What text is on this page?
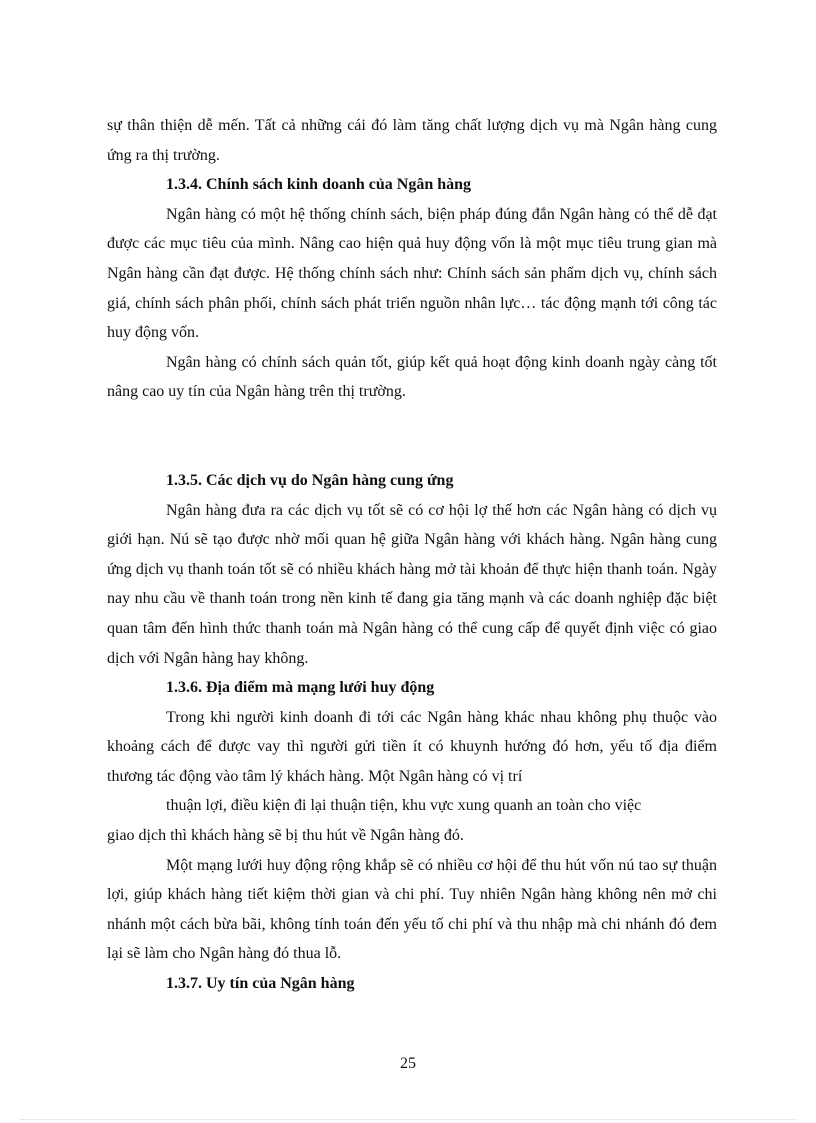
sự thân thiện dễ mến. Tất cả những cái đó làm tăng chất lượng dịch vụ mà Ngân hàng cung ứng ra thị trường.

1.3.4. Chính sách kinh doanh của Ngân hàng

Ngân hàng có một hệ thống chính sách, biện pháp đúng đắn Ngân hàng có thể dễ đạt được các mục tiêu của mình. Nâng cao hiện quả huy động vốn là một mục tiêu trung gian mà Ngân hàng cần đạt được. Hệ thống chính sách như: Chính sách sản phẩm dịch vụ, chính sách giá, chính sách phân phối, chính sách phát triển nguồn nhân lực… tác động mạnh tới công tác huy động vốn.

Ngân hàng có chính sách quản tốt, giúp kết quả hoạt động kinh doanh ngày càng tốt nâng cao uy tín của Ngân hàng trên thị trường.

1.3.5. Các dịch vụ do Ngân hàng cung ứng

Ngân hàng đưa ra các dịch vụ tốt sẽ có cơ hội lợ thế hơn các Ngân hàng có dịch vụ giới hạn. Nú sẽ tạo được nhờ mối quan hệ giữa Ngân hàng với khách hàng. Ngân hàng cung ứng dịch vụ thanh toán tốt sẽ có nhiều khách hàng mở tài khoản để thực hiện thanh toán. Ngày nay nhu cầu về thanh toán trong nền kinh tế đang gia tăng mạnh và các doanh nghiệp đặc biệt quan tâm đến hình thức thanh toán mà Ngân hàng có thể cung cấp để quyết định việc có giao dịch với Ngân hàng hay không.

1.3.6. Địa điểm mà mạng lưới huy động

Trong khi người kinh doanh đi tới các Ngân hàng khác nhau không phụ thuộc vào khoảng cách để được vay thì người gửi tiền ít có khuynh hướng đó hơn, yếu tố địa điểm thương tác động vào tâm lý khách hàng. Một Ngân hàng có vị trí

thuận lợi, điều kiện đi lại thuận tiện, khu vực xung quanh an toàn cho việc

giao dịch thì khách hàng sẽ bị thu hút về Ngân hàng đó.

Một mạng lưới huy động rộng khắp sẽ có nhiều cơ hội để thu hút vốn nú tao sự thuận lợi, giúp khách hàng tiết kiệm thời gian và chi phí. Tuy nhiên Ngân hàng không nên mở chi nhánh một cách bừa bãi, không tính toán đến yếu tố chi phí và thu nhập mà chi nhánh đó đem lại sẽ làm cho Ngân hàng đó thua lỗ.

1.3.7. Uy tín của Ngân hàng

25
